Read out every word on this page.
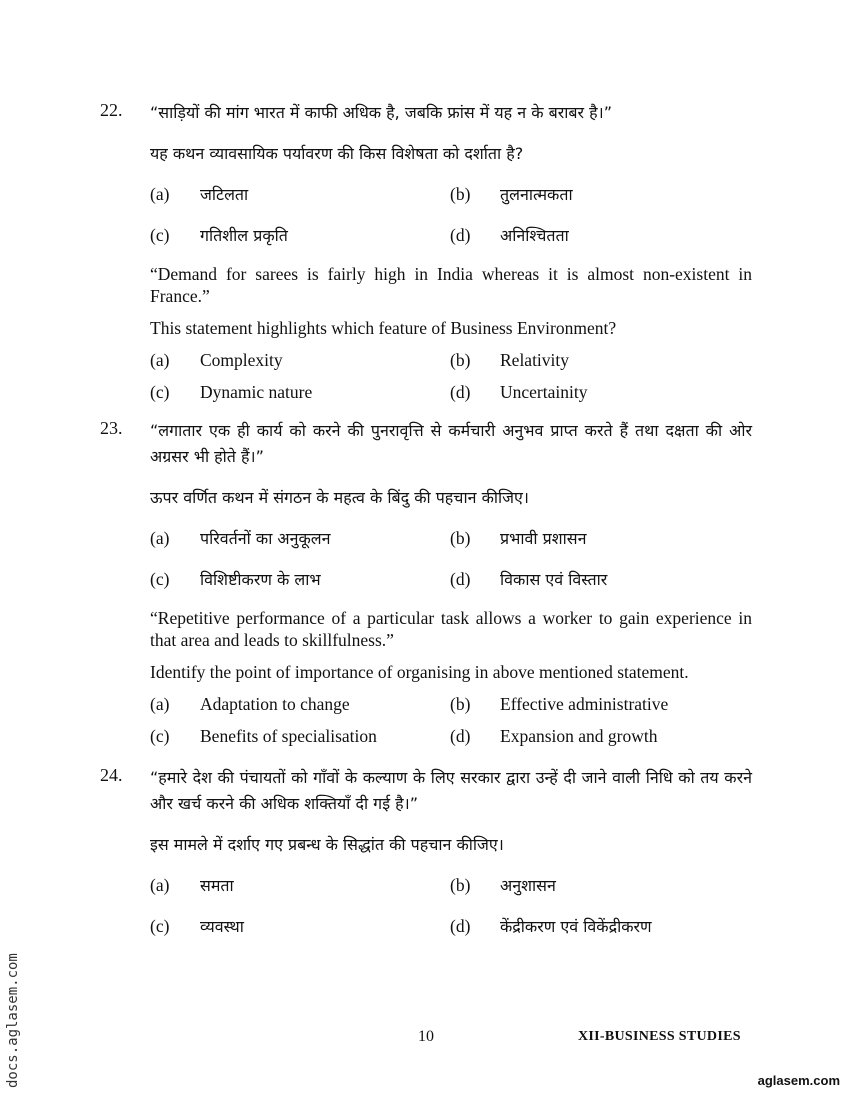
22. “साड़ियों की मांग भारत में काफी अधिक है, जबकि फ्रांस में यह न के बराबर है।”

यह कथन व्यावसायिक पर्यावरण की किस विशेषता को दर्शाता है?

(a)	जटिलता	(b)	तुलनात्मकता
(c)	गतिशील प्रकृति	(d)	अनिश्चितता

“Demand for sarees is fairly high in India whereas it is almost non-existent in France.”

This statement highlights which feature of Business Environment?

(a)	Complexity	(b)	Relativity
(c)	Dynamic nature	(d)	Uncertainity
23. “लगातार एक ही कार्य को करने की पुनरावृत्ति से कर्मचारी अनुभव प्राप्त करते हैं तथा दक्षता की ओर अग्रसर भी होते हैं।”

ऊपर वर्णित कथन में संगठन के महत्व के बिंदु की पहचान कीजिए।

(a)	परिवर्तनों का अनुकूलन	(b)	प्रभावी प्रशासन
(c)	विशिष्टीकरण के लाभ	(d)	विकास एवं विस्तार

“Repetitive performance of a particular task allows a worker to gain experience in that area and leads to skillfulness.”

Identify the point of importance of organising in above mentioned statement.

(a)	Adaptation to change	(b)	Effective administrative
(c)	Benefits of specialisation	(d)	Expansion and growth
24. “हमारे देश की पंचायतों को गाँवों के कल्याण के लिए सरकार द्वारा उन्हें दी जाने वाली निधि को तय करने और खर्च करने की अधिक शक्तियाँ दी गई है।”

इस मामले में दर्शाए गए प्रबन्ध के सिद्धांत की पहचान कीजिए।

(a)	समता	(b)	अनुशासन
(c)	व्यवस्था	(d)	केंद्रीकरण एवं विकेंद्रीकरण
10	XII-BUSINESS STUDIES
docs.aglasem.com	aglasem.com
